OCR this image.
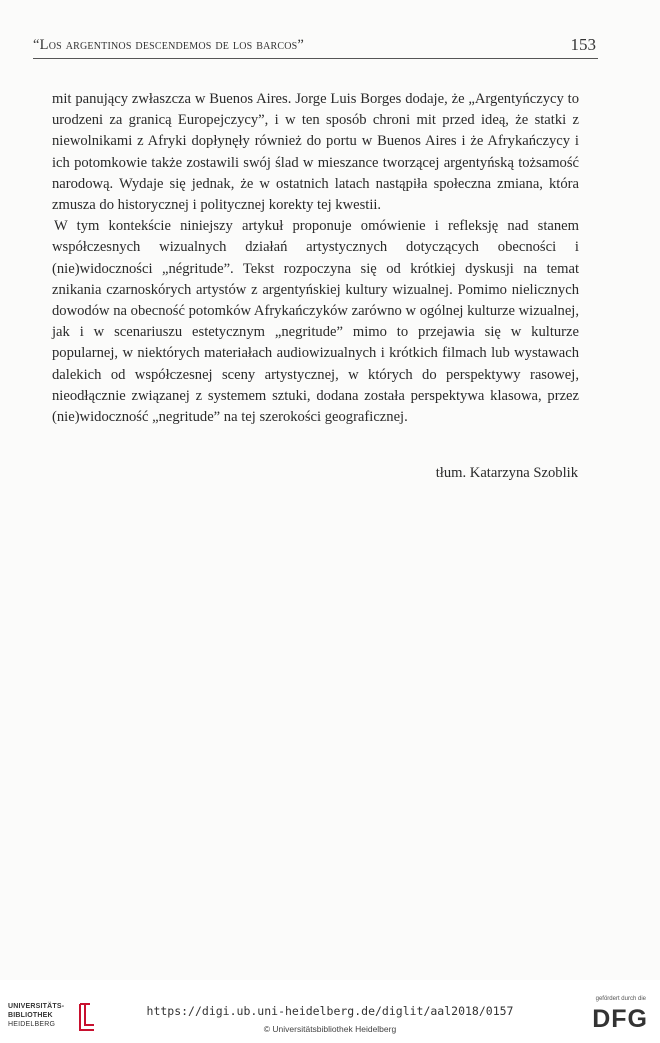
“Los argentinos descendemos de los barcos”	153

mit panujący zwłaszcza w Buenos Aires. Jorge Luis Borges dodaje, że „Argentyńczycy to urodzeni za granicą Europejczycy”, i w ten sposób chroni mit przed ideą, że statki z niewolnikami z Afryki dopłynęły również do portu w Buenos Aires i że Afrykańczycy i ich potomkowie także zostawili swój ślad w mieszance tworzącej argentyńską tożsamość narodową. Wydaje się jednak, że w ostatnich latach nastąpiła społeczna zmiana, która zmusza do historycznej i politycznej korekty tej kwestii.

W tym kontekście niniejszy artykuł proponuje omówienie i refleksję nad stanem współczesnych wizualnych działań artystycznych dotyczących obecności i (nie)widoczności „négritude”. Tekst rozpoczyna się od krótkiej dyskusji na temat znikania czarnoskórych artystów z argentyńskiej kultury wizualnej. Pomimo nielicznych dowodów na obecność potomków Afrykańczyków zarówno w ogólnej kulturze wizualnej, jak i w scenariuszu estetycznym „negritude” mimo to przejawia się w kulturze popularnej, w niektórych materiałach audiowizualnych i krótkich filmach lub wystawach dalekich od współczesnej sceny artystycznej, w których do perspektywy rasowej, nieodłącznie związanej z systemem sztuki, dodana została perspektywa klasowa, przez (nie)widoczność „negritude” na tej szerokości geograficznej.

tłum. Katarzyna Szoblik
UNIVERSITÄTS-
BIBLIOTHEK
HEIDELBERG
https://digi.ub.uni-heidelberg.de/diglit/aal2018/0157
© Universitätsbibliothek Heidelberg
gefördert durch die
DFG
